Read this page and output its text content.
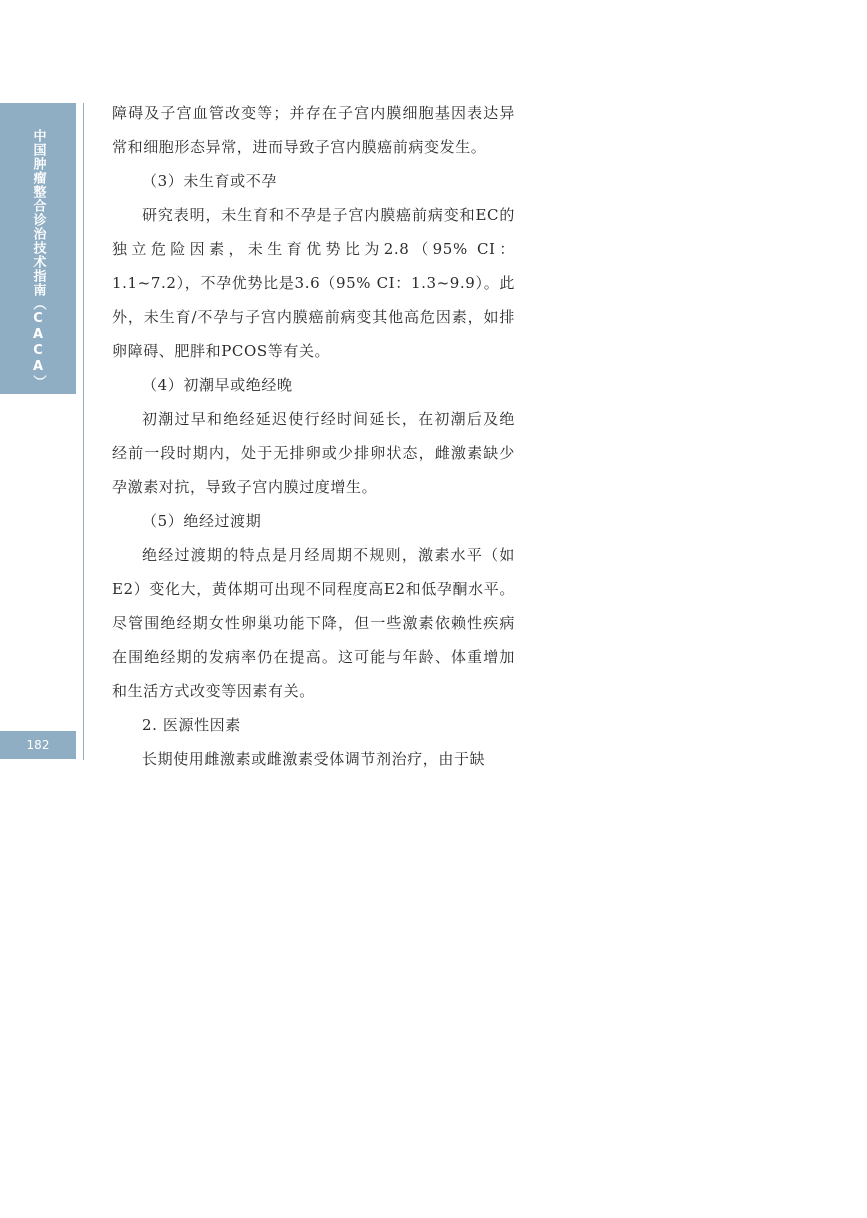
中国肿瘤整合诊治技术指南（CACA）
182

障碍及子宫血管改变等；并存在子宫内膜细胞基因表达异常和细胞形态异常，进而导致子宫内膜癌前病变发生。

（3）未生育或不孕

研究表明，未生育和不孕是子宫内膜癌前病变和EC的独立危险因素，未生育优势比为2.8（95% CI：1.1~7.2），不孕优势比是3.6（95% CI：1.3~9.9）。此外，未生育/不孕与子宫内膜癌前病变其他高危因素，如排卵障碍、肥胖和PCOS等有关。

（4）初潮早或绝经晚

初潮过早和绝经延迟使行经时间延长，在初潮后及绝经前一段时期内，处于无排卵或少排卵状态，雌激素缺少孕激素对抗，导致子宫内膜过度增生。

（5）绝经过渡期

绝经过渡期的特点是月经周期不规则，激素水平（如E2）变化大，黄体期可出现不同程度高E2和低孕酮水平。尽管围绝经期女性卵巢功能下降，但一些激素依赖性疾病在围绝经期的发病率仍在提高。这可能与年龄、体重增加和生活方式改变等因素有关。

2. 医源性因素

长期使用雌激素或雌激素受体调节剂治疗，由于缺
